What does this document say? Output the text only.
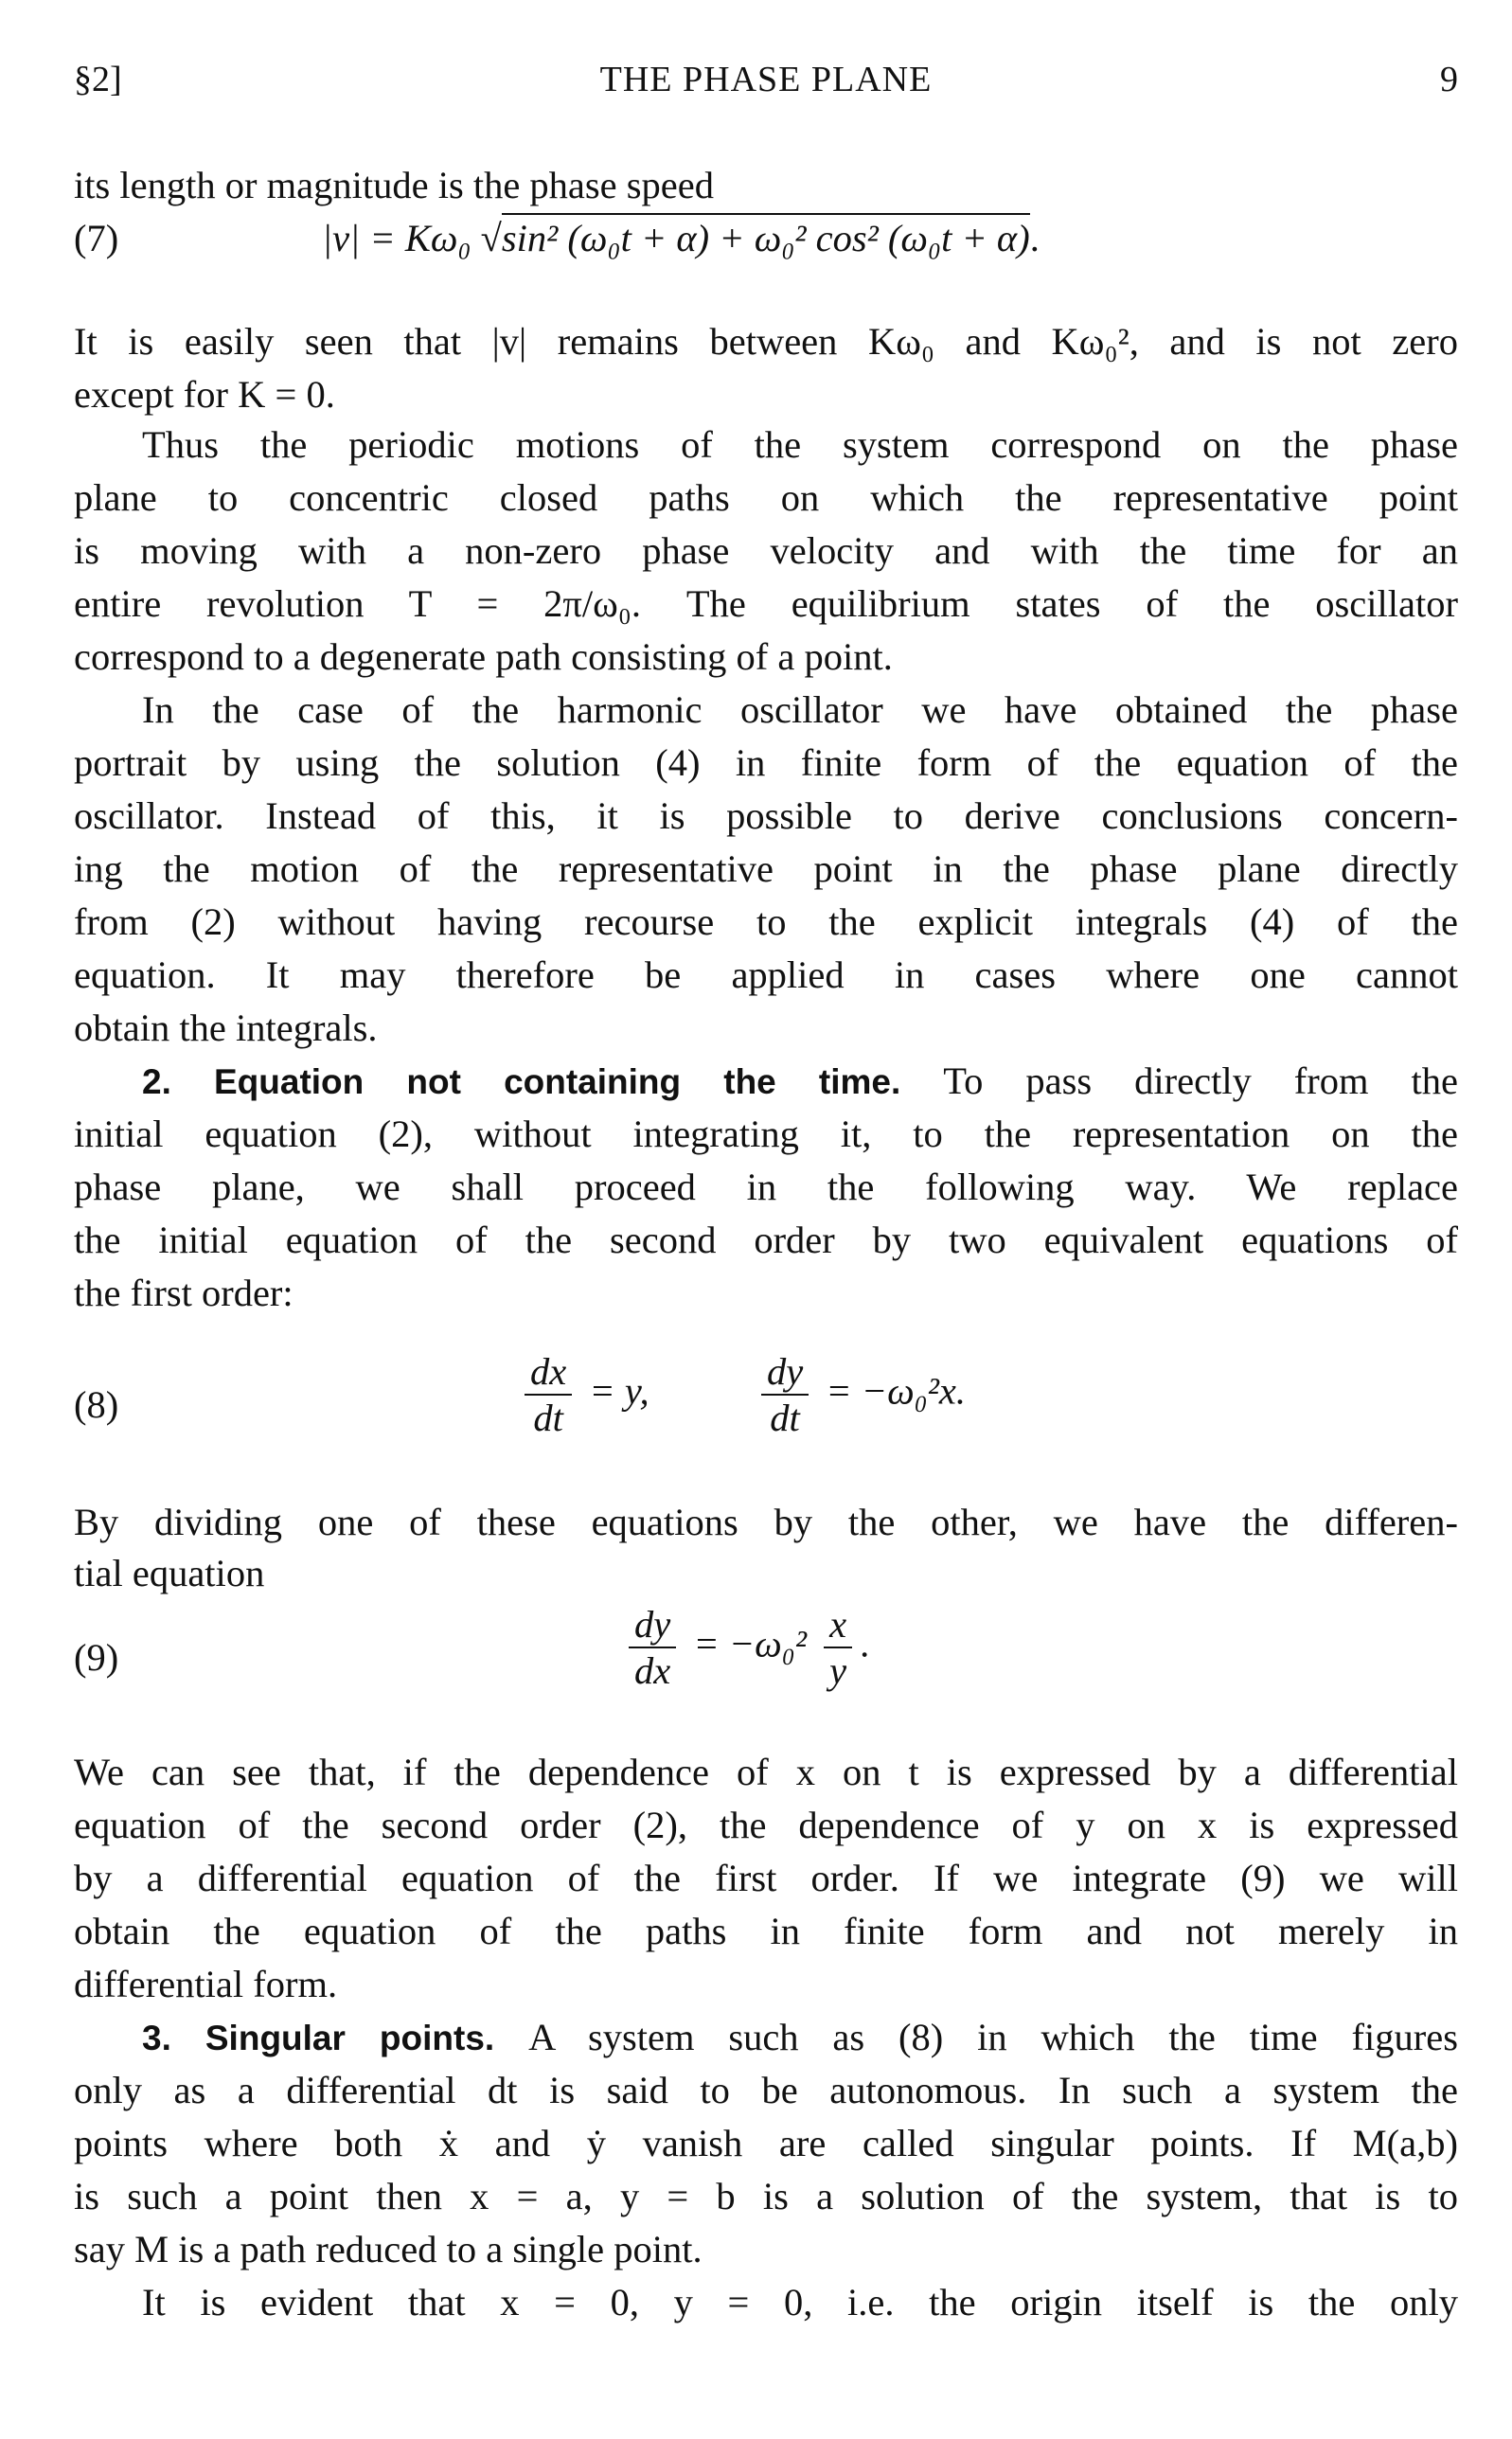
§2]	THE PHASE PLANE	9
its length or magnitude is the phase speed
(7)	|v| = Kω₀ √sin² (ω₀t + α) + ω₀² cos² (ω₀t + α).
It is easily seen that |v| remains between Kω₀ and Kω₀², and is not zero
except for K = 0.
Thus the periodic motions of the system correspond on the phase
plane to concentric closed paths on which the representative point
is moving with a non-zero phase velocity and with the time for an
entire revolution T = 2π/ω₀. The equilibrium states of the oscillator
correspond to a degenerate path consisting of a point.
In the case of the harmonic oscillator we have obtained the phase
portrait by using the solution (4) in finite form of the equation of the
oscillator. Instead of this, it is possible to derive conclusions concern-
ing the motion of the representative point in the phase plane directly
from (2) without having recourse to the explicit integrals (4) of the
equation. It may therefore be applied in cases where one cannot
obtain the integrals.
2. Equation not containing the time. To pass directly from the
initial equation (2), without integrating it, to the representation on the
phase plane, we shall proceed in the following way. We replace
the initial equation of the second order by two equivalent equations of
the first order:
(8)	$\frac{dx}{dt} = y$,	$\frac{dy}{dt} = -\omega_0^2x$.
By dividing one of these equations by the other, we have the differen-
tial equation
(9)	$\frac{dy}{dx} = -\omega_0^2 \frac{x}{y}$ .
We can see that, if the dependence of x on t is expressed by a differential
equation of the second order (2), the dependence of y on x is expressed
by a differential equation of the first order. If we integrate (9) we will
obtain the equation of the paths in finite form and not merely in
differential form.
3. Singular points. A system such as (8) in which the time figures
only as a differential dt is said to be autonomous. In such a system the
points where both ẋ and ẏ vanish are called singular points. If M(a,b)
is such a point then x = a, y = b is a solution of the system, that is to
say M is a path reduced to a single point.
It is evident that x = 0, y = 0, i.e. the origin itself is the only
